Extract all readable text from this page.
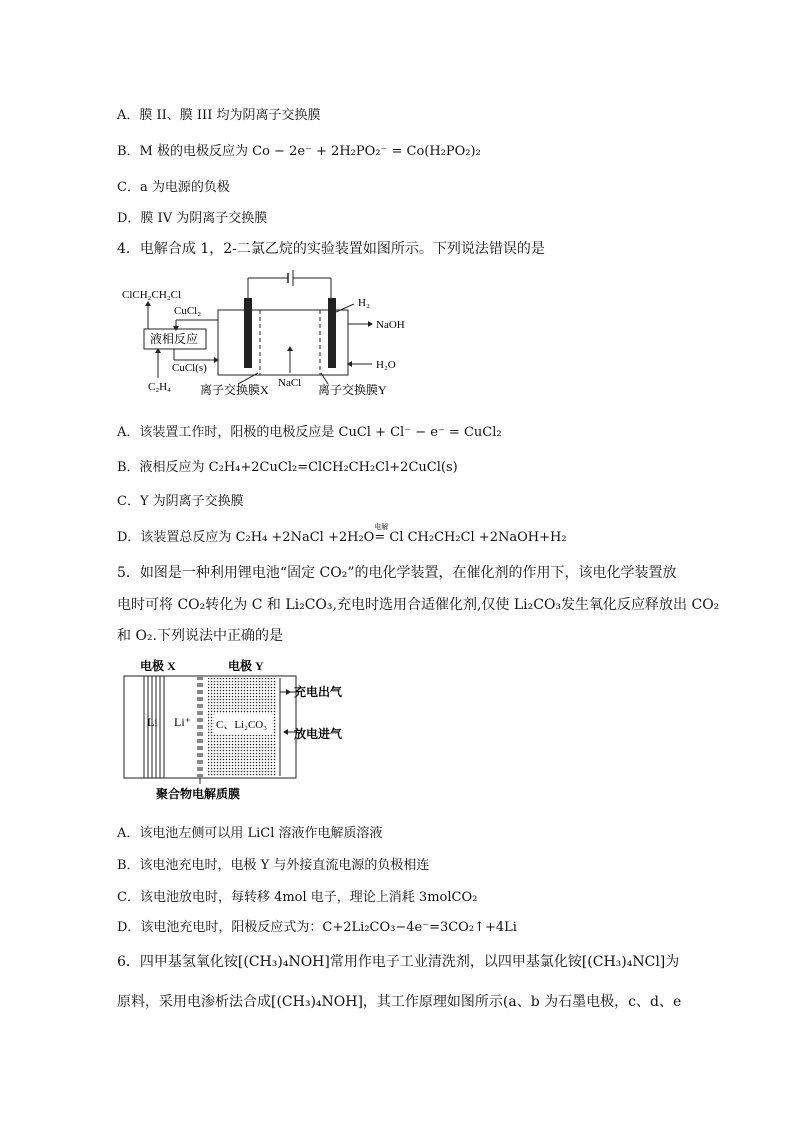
A．膜 II、膜 III 均为阴离子交换膜
B．M 极的电极反应为 Co − 2e⁻ + 2H₂PO₂⁻ = Co(H₂PO₂)₂
C．a 为电源的负极
D．膜 IV 为阴离子交换膜
4．电解合成 1，2-二氯乙烷的实验装置如图所示。下列说法错误的是
液相反应
ClCH₂CH₂Cl
CuCl₂
CuCl(s)
C₂H₄ 离子交换膜X NaCl 离子交换膜Y
H₂
NaOH
H₂O
A．该装置工作时，阳极的电极反应是 CuCl + Cl⁻ − e⁻ = CuCl₂
B．液相反应为 C₂H₄+2CuCl₂=ClCH₂CH₂Cl+2CuCl(s)
C．Y 为阴离子交换膜
D．该装置总反应为 C₂H₄ +2NaCl +2H₂O
电解
= Cl CH₂CH₂Cl +2NaOH+H₂
5．如图是一种利用锂电池“固定 CO₂”的电化学装置，在催化剂的作用下，该电化学装置放
电时可将 CO₂转化为 C 和 Li₂CO₃,充电时选用合适催化剂,仅使 Li₂CO₃发生氧化反应释放出 CO₂
和 O₂.下列说法中正确的是
电极 X	电极 Y
Li Li⁺ C、Li₂CO₃
充电出气
放电进气
聚合物电解质膜
A．该电池左侧可以用 LiCl 溶液作电解质溶液
B．该电池充电时，电极 Y 与外接直流电源的负极相连
C．该电池放电时，每转移 4mol 电子，理论上消耗 3molCO₂
D．该电池充电时，阳极反应式为：C+2Li₂CO₃−4e⁻=3CO₂↑+4Li
6．四甲基氢氧化铵[(CH₃)₄NOH]常用作电子工业清洗剂，以四甲基氯化铵[(CH₃)₄NCl]为
原料，采用电渗析法合成[(CH₃)₄NOH]，其工作原理如图所示(a、b 为石墨电极，c、d、e
